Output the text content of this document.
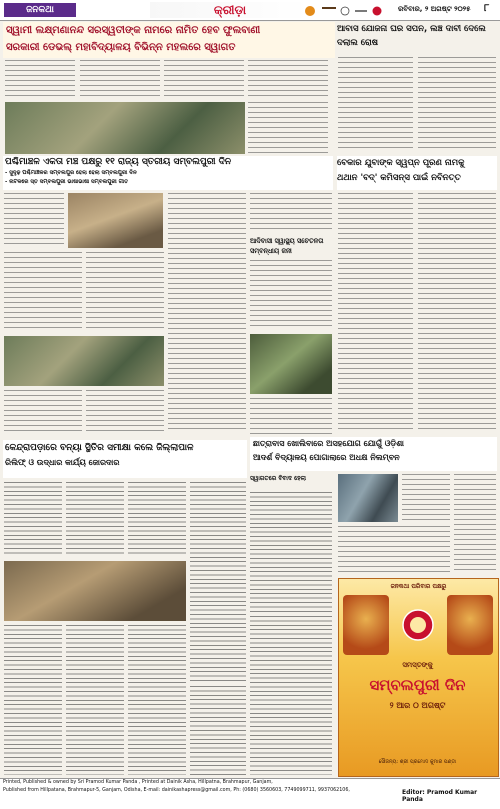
ଜନକଥା	କ୍ରୀଡ଼ା	ରବିବାର, ୨ ଅଗଷ୍ଟ ୨୦୨୫ ୮
ସ୍ୱାମୀ ଲକ୍ଷ୍ମଣାନନ୍ଦ ସରସ୍ୱତୀଙ୍କ ନାମରେ ନାମିତ ହେବ ଫୁଲବାଣୀ
ସରକାରୀ ଡେଭଲ୍ ମହାବିଦ୍ୟାଳୟ ବିଭିନ୍ନ ମହଲରେ ସ୍ୱାଗତ
ଆବାସ ଯୋଜନା ଘର ସପନ, ଲଞ୍ଚ ଦାବୀ ଦେଲେ ଦଲାଲ ରୋଷ
ପଶ୍ଚିମାଞ୍ଚଳ ଏକତା ମଞ୍ଚ ପକ୍ଷରୁ ୧୧ ରାଜ୍ୟ ସ୍ତରୀୟ ସମ୍ବଲପୁରୀ ଦିନ
- ସୁଦୃଢ଼ ପଶ୍ଚିମାଞ୍ଚଳର ସମ୍ବଲପୁର ହେଲା ହେଲା ସମ୍ବଲପୁରୀ ଦିନ
- ନାଟକରେ ସ୍ତ ସମ୍ବଲପୁରୀ ଭାଷାଭାଷୀ ସମ୍ବଲପୁରୀ ଗୀତ
ଆଦିବାସୀ ସ୍ୱାସ୍ଥ୍ୟ ସଚେତନତା ସମ୍ବନ୍ଧୀୟ ଜନୀ
ବେକାର ଯୁବାଙ୍କ ସ୍ୱପ୍ନ ପୂରଣ ନାମକୁ
ଥଥାନ 'ବଦ୍' କମିସନ୍ସ ପାଇଁ ନବିନତ୍ତ
ଛାତ୍ରାବାସ ଖୋଲିବାରେ ଅସହଯୋଗ ଯୋଗୁଁ ଓଡ଼ିଶା
ଆଦର୍ଶ ବିଦ୍ୟାଳୟ ପୋଗାଲାରେ ଅଧକ୍ଷ ନିଲମ୍ବନ
ସ୍ୱାଗତରେ ବିବାଦ ହେଲା
କେନ୍ଦ୍ରାପଡ଼ାରେ ବନ୍ୟା ସ୍ଥିତିର ସମୀକ୍ଷା କଲେ ଜିଲ୍ଲାପାଳ
ରିଲିଫ୍ ଓ ଉଦ୍ଧାର କାର୍ଯ୍ୟ ଜୋରଦାର
ଜନକଥା ପରିବାର ପକ୍ଷରୁ
ସମସ୍ତଙ୍କୁ
ସମ୍ବଲପୁରୀ ଦିନ
୨ ଆର ୦ ଅଗଷ୍ଟ
ସୌଜନ୍ୟ: ଶ୍ରୀ ପ୍ରମୋଦ କୁମାର ପଣ୍ଡା
Printed, Published & owned by Sri Pramod Kumar Panda , Printed at Dainik Asha, Hillpatna, Brahmapur, Ganjam,
Published from Hillpatana, Brahmapur-5, Ganjam, Odisha, E-mail: dainikashapress@gmail.com, Ph: (0680) 3560603, 7749099711, 9937062106,	Editor: Pramod Kumar Panda
